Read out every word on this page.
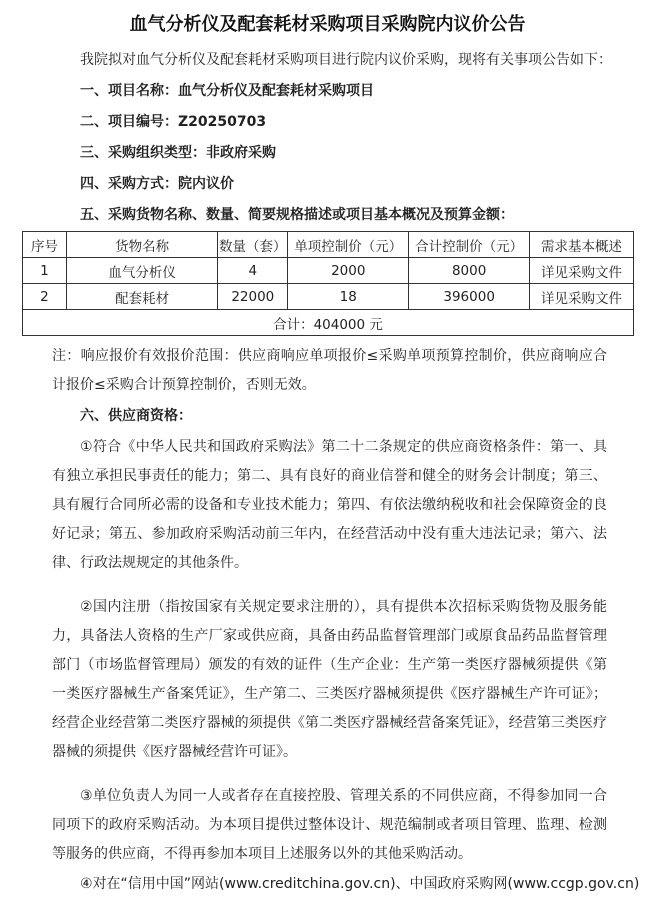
血气分析仪及配套耗材采购项目采购院内议价公告
我院拟对血气分析仪及配套耗材采购项目进行院内议价采购，现将有关事项公告如下：
一、项目名称：血气分析仪及配套耗材采购项目
二、项目编号：Z20250703
三、采购组织类型：非政府采购
四、采购方式：院内议价
五、采购货物名称、数量、简要规格描述或项目基本概况及预算金额：
序号	货物名称	数量（套）	单项控制价（元）	合计控制价（元）	需求基本概述
1	血气分析仪	4	2000	8000	详见采购文件
2	配套耗材	22000	18	396000	详见采购文件
合计：404000 元					
注：响应报价有效报价范围：供应商响应单项报价≤采购单项预算控制价，供应商响应合计报价≤采购合计预算控制价，否则无效。
六、供应商资格：
①符合《中华人民共和国政府采购法》第二十二条规定的供应商资格条件：第一、具有独立承担民事责任的能力；第二、具有良好的商业信誉和健全的财务会计制度；第三、具有履行合同所必需的设备和专业技术能力；第四、有依法缴纳税收和社会保障资金的良好记录；第五、参加政府采购活动前三年内，在经营活动中没有重大违法记录；第六、法律、行政法规规定的其他条件。
②国内注册（指按国家有关规定要求注册的），具有提供本次招标采购货物及服务能力，具备法人资格的生产厂家或供应商，具备由药品监督管理部门或原食品药品监督管理部门（市场监督管理局）颁发的有效的证件（生产企业：生产第一类医疗器械须提供《第一类医疗器械生产备案凭证》，生产第二、三类医疗器械须提供《医疗器械生产许可证》；经营企业经营第二类医疗器械的须提供《第二类医疗器械经营备案凭证》，经营第三类医疗器械的须提供《医疗器械经营许可证》。
③单位负责人为同一人或者存在直接控股、管理关系的不同供应商，不得参加同一合同项下的政府采购活动。为本项目提供过整体设计、规范编制或者项目管理、监理、检测等服务的供应商，不得再参加本项目上述服务以外的其他采购活动。
④对在“信用中国”网站(www.creditchina.gov.cn)、中国政府采购网(www.ccgp.gov.cn)
